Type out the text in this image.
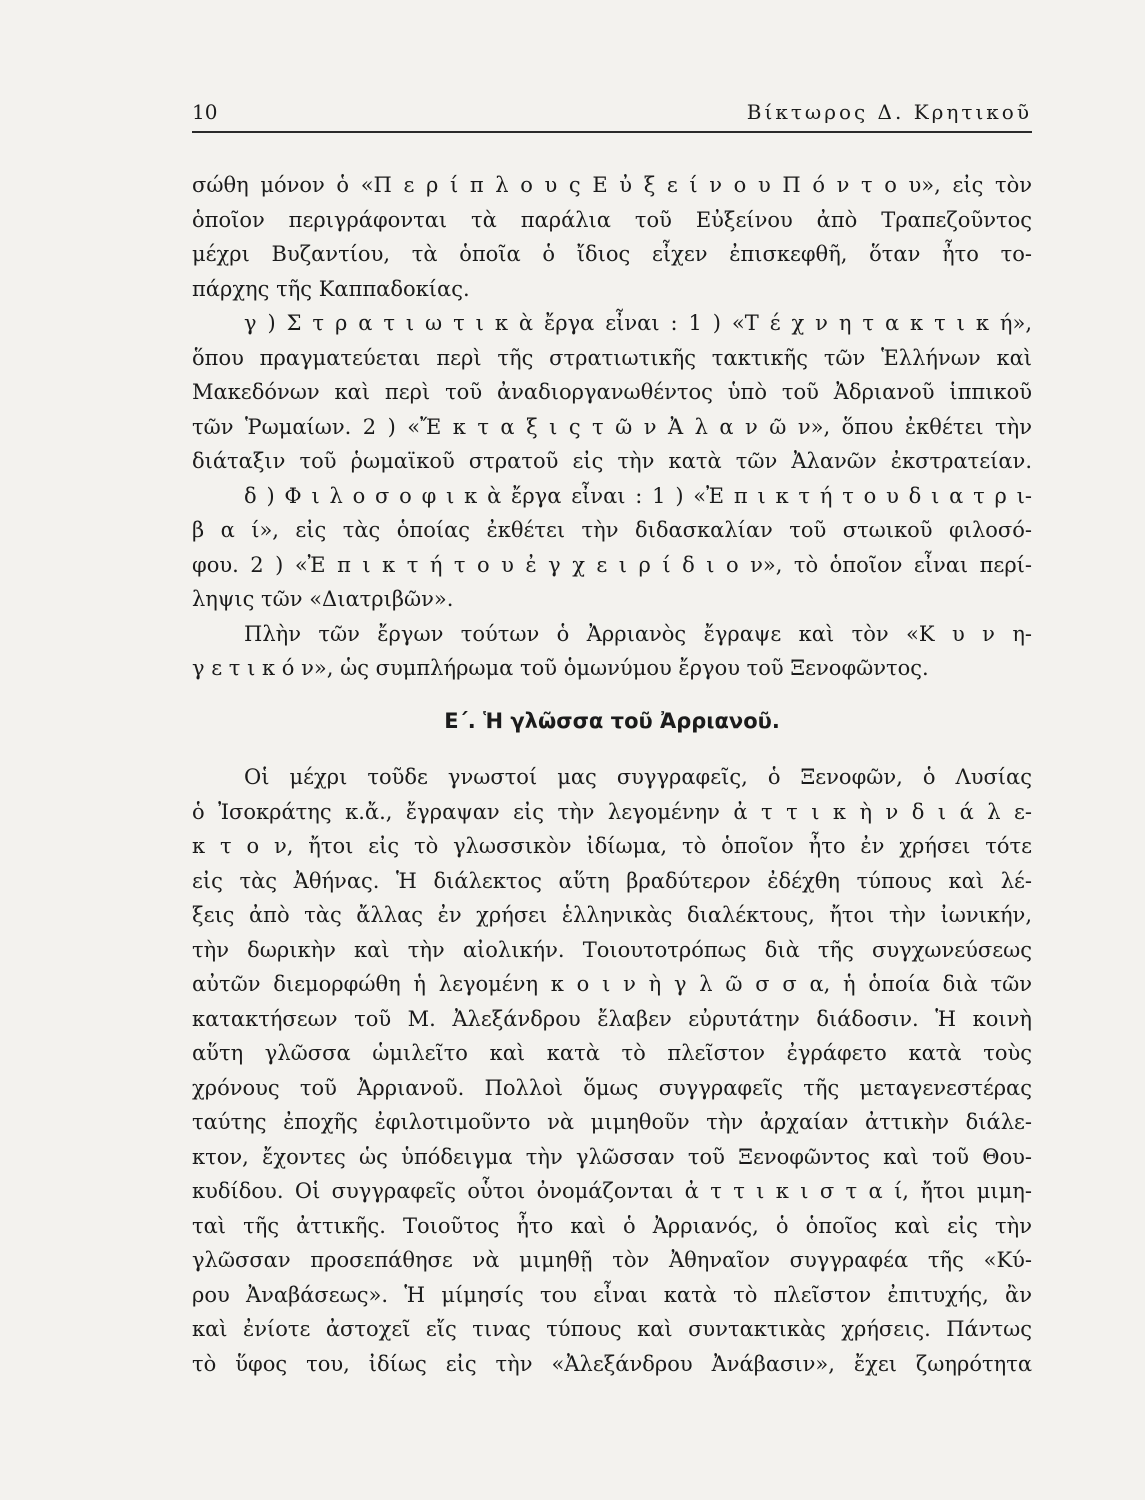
10	Βίκτωρος Δ. Κρητικοῦ
σώθη μόνον ὁ «Π ε ρ ί π λ ο υ ς Ε ὐ ξ ε ί ν ο υ Π ό ν τ ο υ», εἰς τὸν
ὁποῖον περιγράφονται τὰ παράλια τοῦ Εὐξείνου ἀπὸ Τραπεζοῦντος
μέχρι Βυζαντίου, τὰ ὁποῖα ὁ ἴδιος εἶχεν ἐπισκεφθῆ, ὅταν ἦτο το-
πάρχης τῆς Καππαδοκίας.
γ ) Σ τ ρ α τ ι ω τ ι κ ὰ ἔργα εἶναι : 1 ) «Τ έ χ ν η τ α κ τ ι κ ή»,
ὅπου πραγματεύεται περὶ τῆς στρατιωτικῆς τακτικῆς τῶν Ἑλλήνων καὶ
Μακεδόνων καὶ περὶ τοῦ ἀναδιοργανωθέντος ὑπὸ τοῦ Ἀδριανοῦ ἱππικοῦ
τῶν Ῥωμαίων. 2 ) «Ἔ κ τ α ξ ι ς τ ῶ ν Ἀ λ α ν ῶ ν», ὅπου ἐκθέτει τὴν
διάταξιν τοῦ ῥωμαϊκοῦ στρατοῦ εἰς τὴν κατὰ τῶν Ἀλανῶν ἐκστρατείαν.
δ ) Φ ι λ ο σ ο φ ι κ ὰ ἔργα εἶναι : 1 ) «Ἐ π ι κ τ ή τ ο υ δ ι α τ ρ ι-
β α ί», εἰς τὰς ὁποίας ἐκθέτει τὴν διδασκαλίαν τοῦ στωικοῦ φιλοσό-
φου. 2 ) «Ἐ π ι κ τ ή τ ο υ ἐ γ χ ε ι ρ ί δ ι ο ν», τὸ ὁποῖον εἶναι περί-
ληψις τῶν «Διατριβῶν».
Πλὴν τῶν ἔργων τούτων ὁ Ἀρριανὸς ἔγραψε καὶ τὸν «Κ υ ν η-
γ ε τ ι κ ό ν», ὡς συμπλήρωμα τοῦ ὁμωνύμου ἔργου τοῦ Ξενοφῶντος.
Ε΄. Ἡ γλῶσσα τοῦ Ἀρριανοῦ.
Οἱ μέχρι τοῦδε γνωστοί μας συγγραφεῖς, ὁ Ξενοφῶν, ὁ Λυσίας
ὁ Ἰσοκράτης κ.ἄ., ἔγραψαν εἰς τὴν λεγομένην ἀ τ τ ι κ ὴ ν δ ι ά λ ε-
κ τ ο ν, ἤτοι εἰς τὸ γλωσσικὸν ἰδίωμα, τὸ ὁποῖον ἦτο ἐν χρήσει τότε
εἰς τὰς Ἀθήνας. Ἡ διάλεκτος αὕτη βραδύτερον ἐδέχθη τύπους καὶ λέ-
ξεις ἀπὸ τὰς ἄλλας ἐν χρήσει ἑλληνικὰς διαλέκτους, ἤτοι τὴν ἰωνικήν,
τὴν δωρικὴν καὶ τὴν αἰολικήν. Τοιουτοτρόπως διὰ τῆς συγχωνεύσεως
αὐτῶν διεμορφώθη ἡ λεγομένη κ ο ι ν ὴ γ λ ῶ σ σ α, ἡ ὁποία διὰ τῶν
κατακτήσεων τοῦ Μ. Ἀλεξάνδρου ἔλαβεν εὐρυτάτην διάδοσιν. Ἡ κοινὴ
αὕτη γλῶσσα ὡμιλεῖτο καὶ κατὰ τὸ πλεῖστον ἐγράφετο κατὰ τοὺς
χρόνους τοῦ Ἀρριανοῦ. Πολλοὶ ὅμως συγγραφεῖς τῆς μεταγενεστέρας
ταύτης ἐποχῆς ἐφιλοτιμοῦντο νὰ μιμηθοῦν τὴν ἀρχαίαν ἀττικὴν διάλε-
κτον, ἔχοντες ὡς ὑπόδειγμα τὴν γλῶσσαν τοῦ Ξενοφῶντος καὶ τοῦ Θου-
κυδίδου. Οἱ συγγραφεῖς οὗτοι ὀνομάζονται ἀ τ τ ι κ ι σ τ α ί, ἤτοι μιμη-
ταὶ τῆς ἀττικῆς. Τοιοῦτος ἦτο καὶ ὁ Ἀρριανός, ὁ ὁποῖος καὶ εἰς τὴν
γλῶσσαν προσεπάθησε νὰ μιμηθῇ τὸν Ἀθηναῖον συγγραφέα τῆς «Κύ-
ρου Ἀναβάσεως». Ἡ μίμησίς του εἶναι κατὰ τὸ πλεῖστον ἐπιτυχής, ἂν
καὶ ἐνίοτε ἀστοχεῖ εἴς τινας τύπους καὶ συντακτικὰς χρήσεις. Πάντως
τὸ ὕφος του, ἰδίως εἰς τὴν «Ἀλεξάνδρου Ἀνάβασιν», ἔχει ζωηρότητα
